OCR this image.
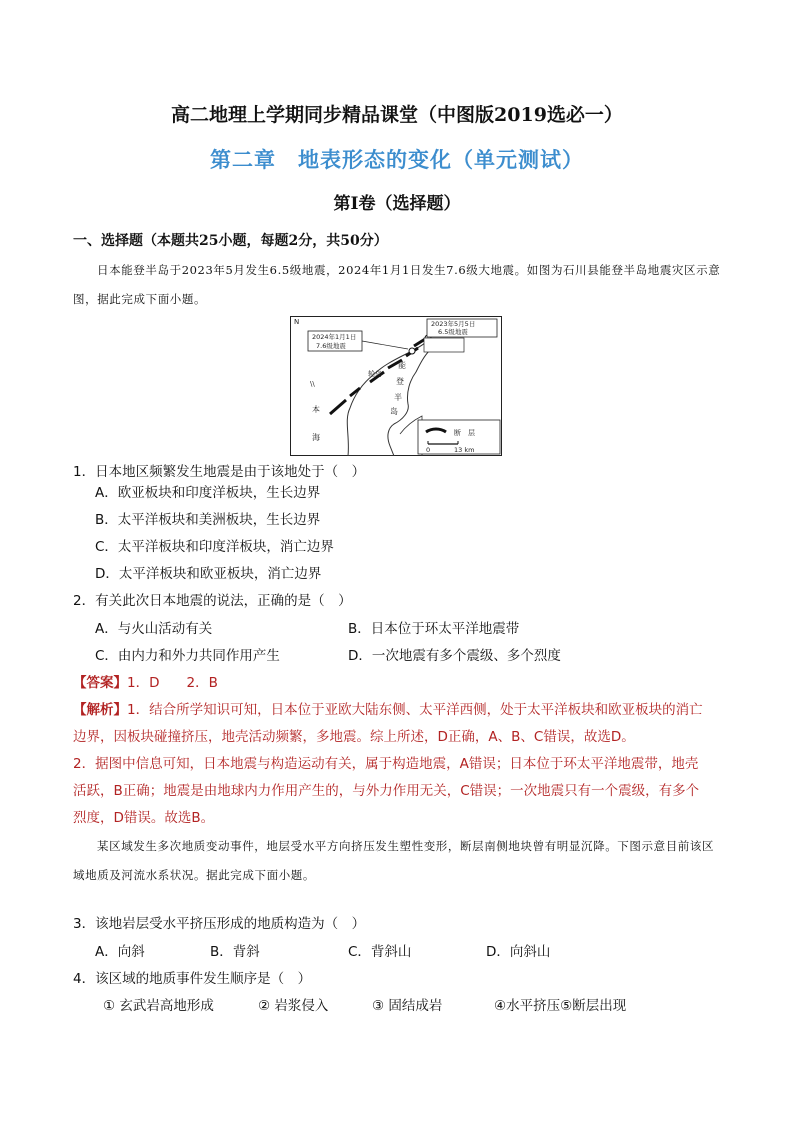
高二地理上学期同步精品课堂（中图版2019选必一）
第二章　地表形态的变化（单元测试）
第I卷（选择题）
一、选择题（本题共25小题，每题2分，共50分）
日本能登半岛于2023年5月发生6.5级地震，2024年1月1日发生7.6级大地震。如图为石川县能登半岛地震灾区示意图，据此完成下面小题。
N
2024年1月1日
7.6级地震
2023年5月5日
6.5级地震
轮岛
能
登
半
岛
本
海
\\
断　层
0	13 km
1．日本地区频繁发生地震是由于该地处于（　）
A．欧亚板块和印度洋板块，生长边界
B．太平洋板块和美洲板块，生长边界
C．太平洋板块和印度洋板块，消亡边界
D．太平洋板块和欧亚板块，消亡边界
2．有关此次日本地震的说法，正确的是（　）
A．与火山活动有关	B．日本位于环太平洋地震带
C．由内力和外力共同作用产生	D．一次地震有多个震级、多个烈度
【答案】1．D　　2．B
【解析】1．结合所学知识可知，日本位于亚欧大陆东侧、太平洋西侧，处于太平洋板块和欧亚板块的消亡
边界，因板块碰撞挤压，地壳活动频繁，多地震。综上所述，D正确，A、B、C错误，故选D。
2．据图中信息可知，日本地震与构造运动有关，属于构造地震，A错误；日本位于环太平洋地震带，地壳
活跃，B正确；地震是由地球内力作用产生的，与外力作用无关，C错误；一次地震只有一个震级，有多个
烈度，D错误。故选B。
某区域发生多次地质变动事件，地层受水平方向挤压发生塑性变形，断层南侧地块曾有明显沉降。下图示意目前该区域地质及河流水系状况。据此完成下面小题。
3．该地岩层受水平挤压形成的地质构造为（　）
A．向斜	B．背斜	C．背斜山	D．向斜山
4．该区域的地质事件发生顺序是（　）
① 玄武岩高地形成	② 岩浆侵入	③ 固结成岩	④水平挤压⑤断层出现
